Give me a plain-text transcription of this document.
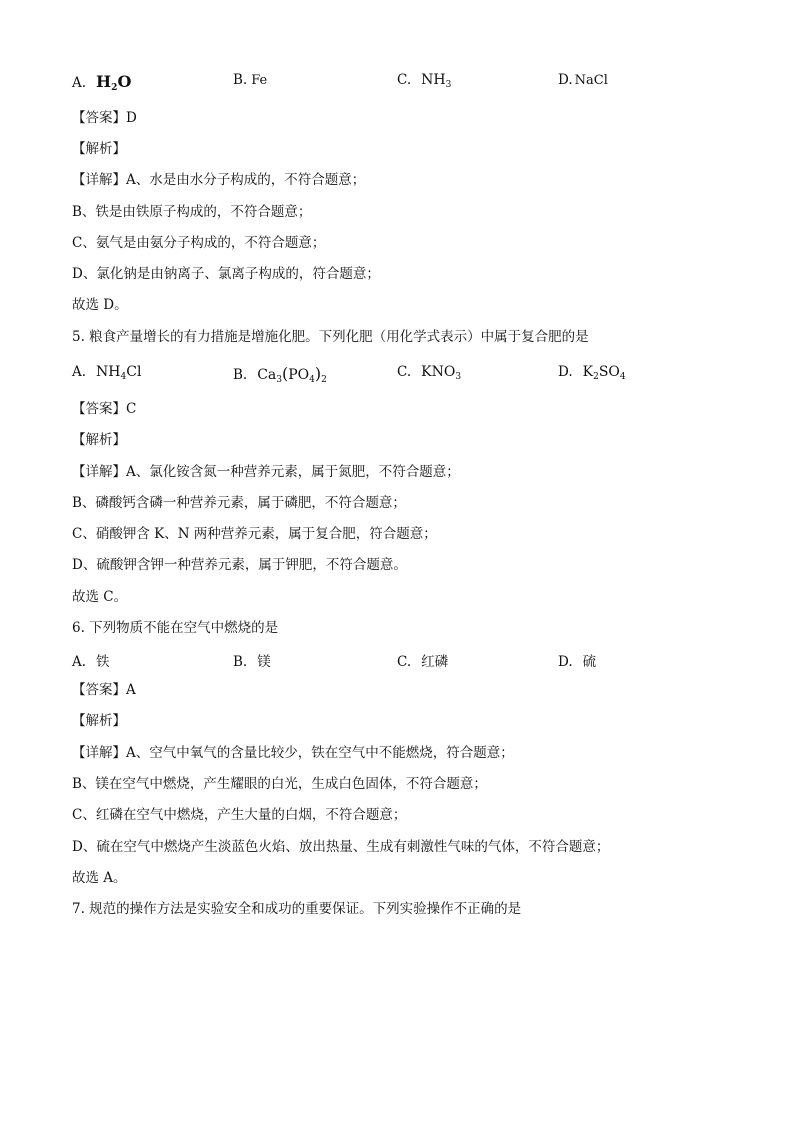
A. $H_2O$	B. Fe	C. $NH_3$	D. NaCl
【答案】D
【解析】
【详解】A、水是由水分子构成的，不符合题意；
B、铁是由铁原子构成的，不符合题意；
C、氨气是由氨分子构成的，不符合题意；
D、氯化钠是由钠离子、氯离子构成的，符合题意；
故选 D。
5. 粮食产量增长的有力措施是增施化肥。下列化肥（用化学式表示）中属于复合肥的是
A. $NH_4Cl$	B. $Ca_3(PO_4)_2$	C. $KNO_3$	D. $K_2SO_4$
【答案】C
【解析】
【详解】A、氯化铵含氮一种营养元素，属于氮肥，不符合题意；
B、磷酸钙含磷一种营养元素，属于磷肥，不符合题意；
C、硝酸钾含 K、N 两种营养元素，属于复合肥，符合题意；
D、硫酸钾含钾一种营养元素，属于钾肥，不符合题意。
故选 C。
6. 下列物质不能在空气中燃烧的是
A. 铁	B. 镁	C. 红磷	D. 硫
【答案】A
【解析】
【详解】A、空气中氧气的含量比较少，铁在空气中不能燃烧，符合题意；
B、镁在空气中燃烧，产生耀眼的白光，生成白色固体，不符合题意；
C、红磷在空气中燃烧，产生大量的白烟，不符合题意；
D、硫在空气中燃烧产生淡蓝色火焰、放出热量、生成有刺激性气味的气体，不符合题意；
故选 A。
7. 规范的操作方法是实验安全和成功的重要保证。下列实验操作不正确的是
